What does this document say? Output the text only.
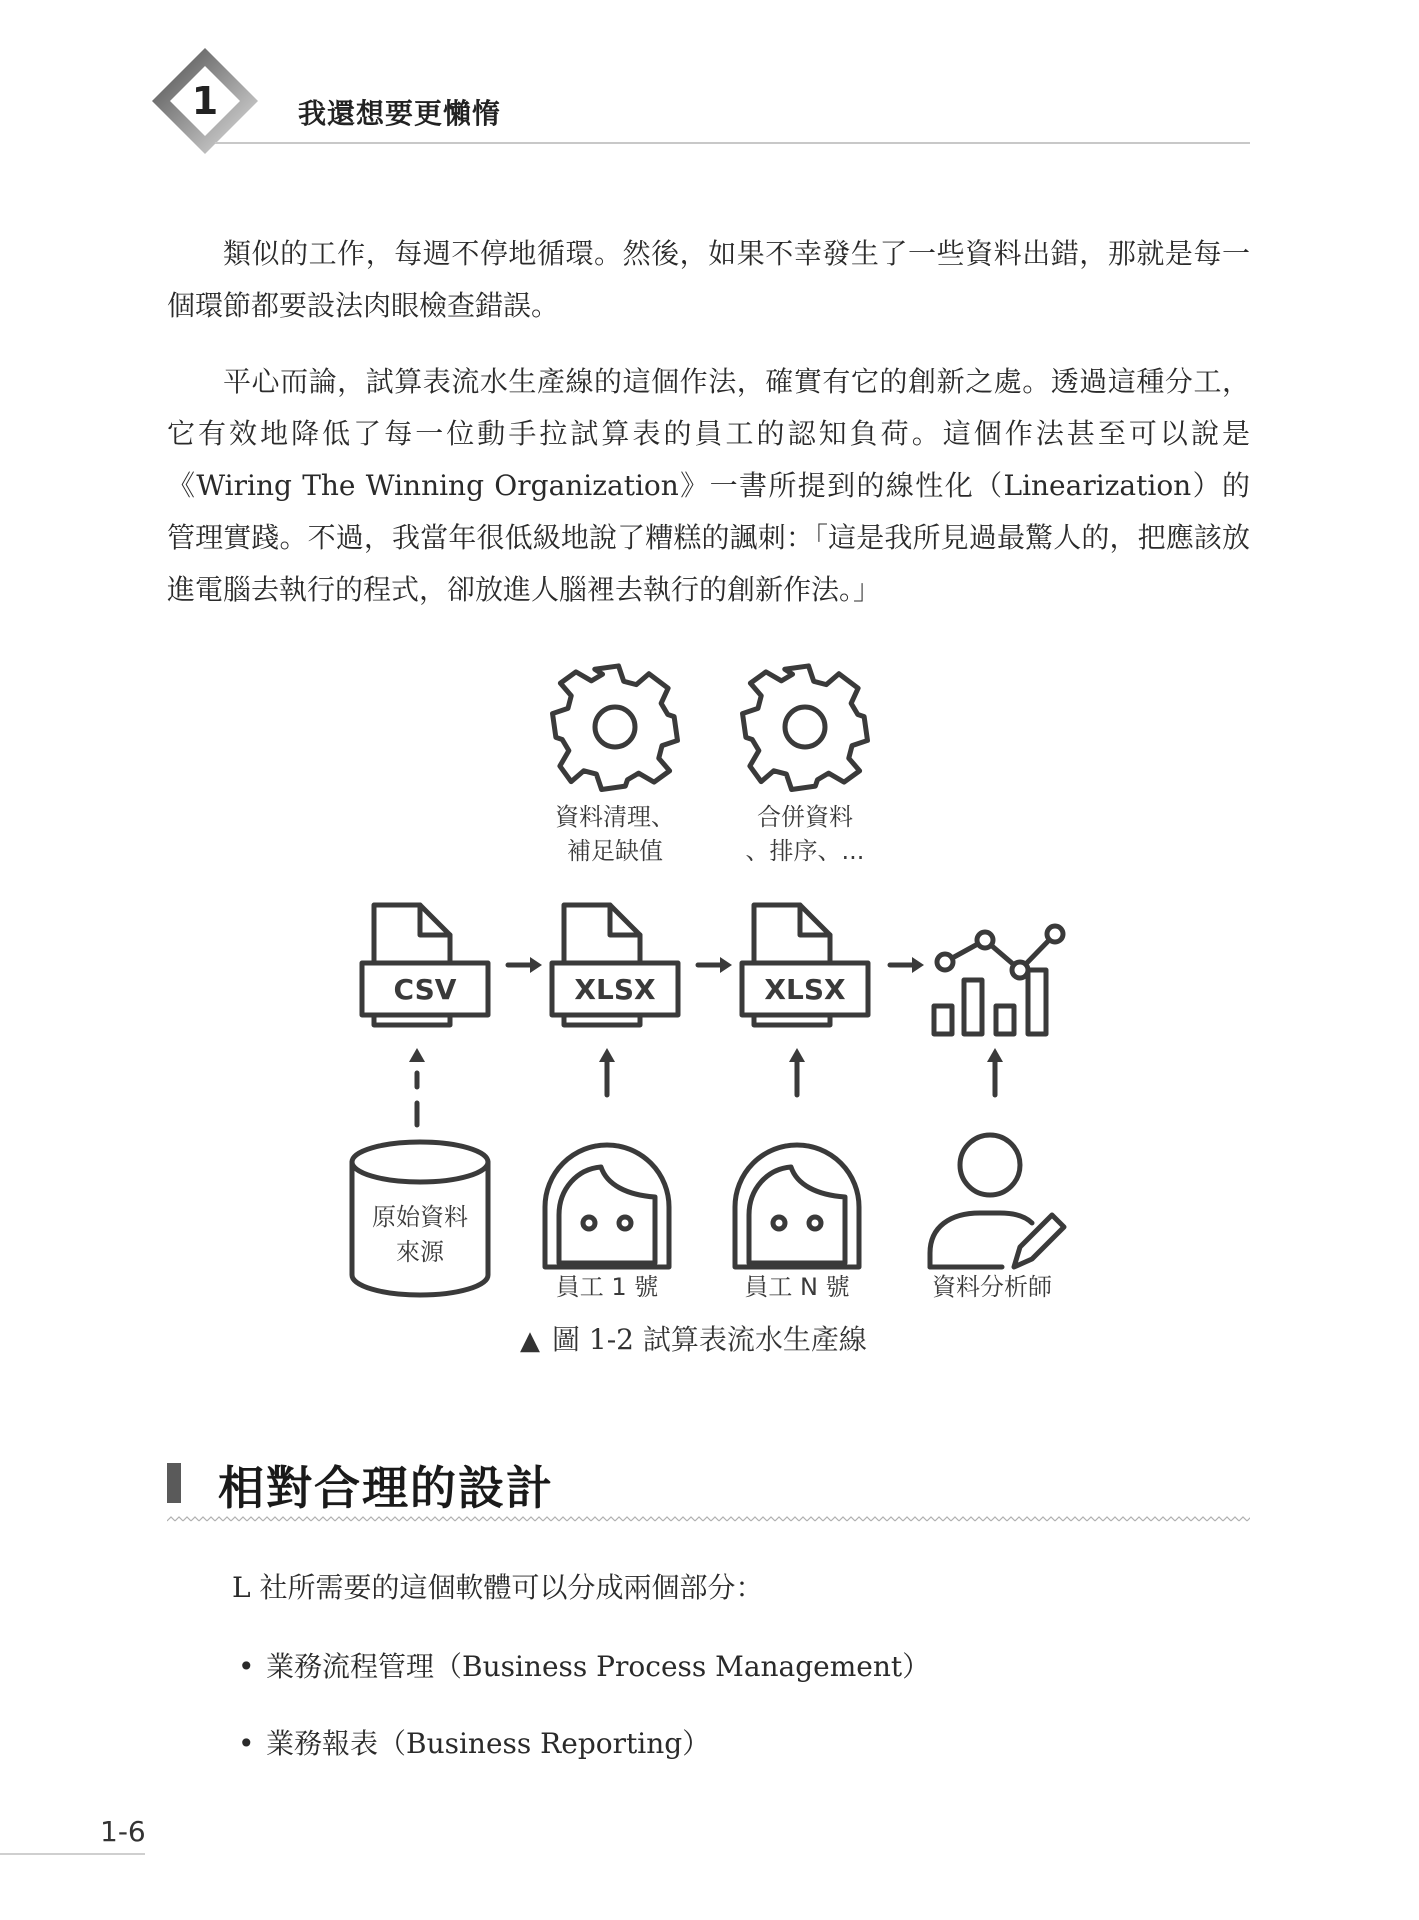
1	我還想要更懶惰

類似的工作，每週不停地循環。然後，如果不幸發生了一些資料出錯，那就是每一個環節都要設法肉眼檢查錯誤。

平心而論，試算表流水生產線的這個作法，確實有它的創新之處。透過這種分工，它有效地降低了每一位動手拉試算表的員工的認知負荷。這個作法甚至可以說是《Wiring The Winning Organization》一書所提到的線性化（Linearization）的管理實踐。不過，我當年很低級地說了糟糕的諷刺：「這是我所見過最驚人的，把應該放進電腦去執行的程式，卻放進人腦裡去執行的創新作法。」

資料清理、
補足缺值
合併資料
、排序、...
CSV	XLSX	XLSX
原始資料
來源
員工 1 號	員工 N 號	資料分析師
▲ 圖 1-2 試算表流水生產線
相對合理的設計
L 社所需要的這個軟體可以分成兩個部分：
• 業務流程管理（Business Process Management）
• 業務報表（Business Reporting）
1-6
